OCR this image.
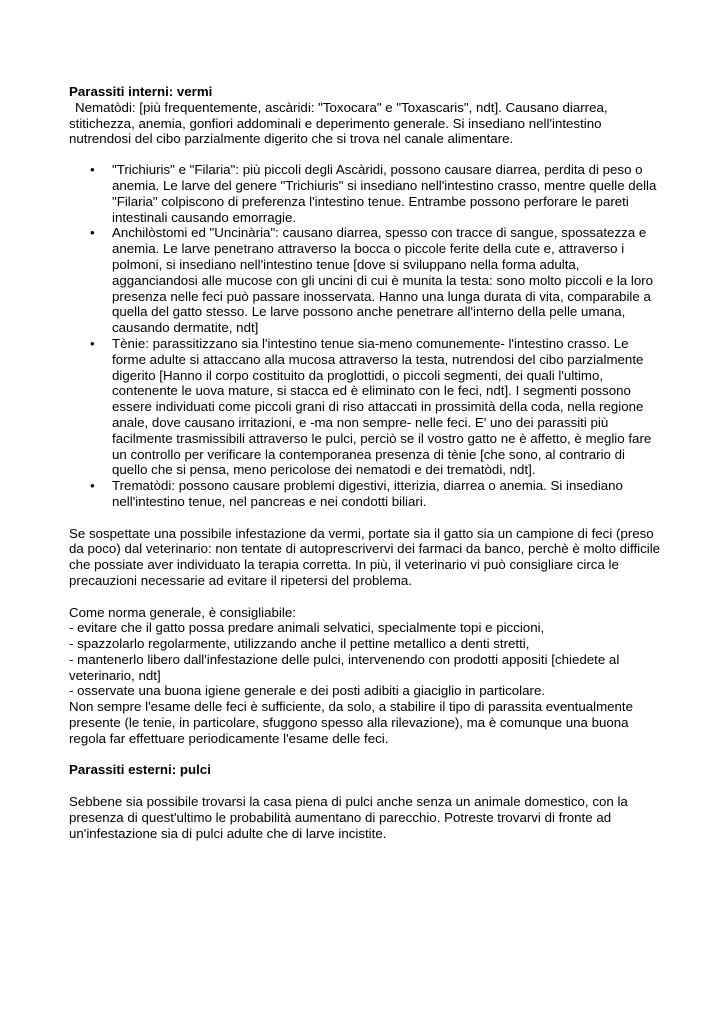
Parassiti interni: vermi

Nematòdi: [più frequentemente, ascàridi: "Toxocara" e "Toxascaris", ndt]. Causano diarrea, stitichezza, anemia, gonfiori addominali e deperimento generale. Si insediano nell'intestino nutrendosi del cibo parzialmente digerito che si trova nel canale alimentare.

• "Trichiuris" e "Filaria": più piccoli degli Ascàridi, possono causare diarrea, perdita di peso o anemia. Le larve del genere "Trichiuris" si insediano nell'intestino crasso, mentre quelle della "Filaria" colpiscono di preferenza l'intestino tenue. Entrambe possono perforare le pareti intestinali causando emorragie.
• Anchilòstomi ed "Uncinària": causano diarrea, spesso con tracce di sangue, spossatezza e anemia. Le larve penetrano attraverso la bocca o piccole ferite della cute e, attraverso i polmoni, si insediano nell'intestino tenue [dove si sviluppano nella forma adulta, agganciandosi alle mucose con gli uncini di cui è munita la testa: sono molto piccoli e la loro presenza nelle feci può passare inosservata. Hanno una lunga durata di vita, comparabile a quella del gatto stesso. Le larve possono anche penetrare all'interno della pelle umana, causando dermatite, ndt]
• Tènie: parassitizzano sia l'intestino tenue sia-meno comunemente- l'intestino crasso. Le forme adulte si attaccano alla mucosa attraverso la testa, nutrendosi del cibo parzialmente digerito [Hanno il corpo costituito da proglottidi, o piccoli segmenti, dei quali l'ultimo, contenente le uova mature, si stacca ed è eliminato con le feci, ndt]. I segmenti possono essere individuati come piccoli grani di riso attaccati in prossimità della coda, nella regione anale, dove causano irritazioni, e -ma non sempre- nelle feci. E' uno dei parassiti più facilmente trasmissibili attraverso le pulci, perciò se il vostro gatto ne è affetto, è meglio fare un controllo per verificare la contemporanea presenza di tènie [che sono, al contrario di quello che si pensa, meno pericolose dei nematodi e dei trematòdi, ndt].
• Trematòdi: possono causare problemi digestivi, itterizia, diarrea o anemia. Si insediano nell'intestino tenue, nel pancreas e nei condotti biliari.

Se sospettate una possibile infestazione da vermi, portate sia il gatto sia un campione di feci (preso da poco) dal veterinario: non tentate di autoprescrivervi dei farmaci da banco, perchè è molto difficile che possiate aver individuato la terapia corretta. In più, il veterinario vi può consigliare circa le precauzioni necessarie ad evitare il ripetersi del problema.

Come norma generale, è consigliabile:
- evitare che il gatto possa predare animali selvatici, specialmente topi e piccioni,
- spazzolarlo regolarmente, utilizzando anche il pettine metallico a denti stretti,
- mantenerlo libero dall'infestazione delle pulci, intervenendo con prodotti appositi [chiedete al veterinario, ndt]
- osservate una buona igiene generale e dei posti adibiti a giaciglio in particolare.
Non sempre l'esame delle feci è sufficiente, da solo, a stabilire il tipo di parassita eventualmente presente (le tenie, in particolare, sfuggono spesso alla rilevazione), ma è comunque una buona regola far effettuare periodicamente l'esame delle feci.

Parassiti esterni: pulci

Sebbene sia possibile trovarsi la casa piena di pulci anche senza un animale domestico, con la presenza di quest'ultimo le probabilità aumentano di parecchio. Potreste trovarvi di fronte ad un'infestazione sia di pulci adulte che di larve incistite.
